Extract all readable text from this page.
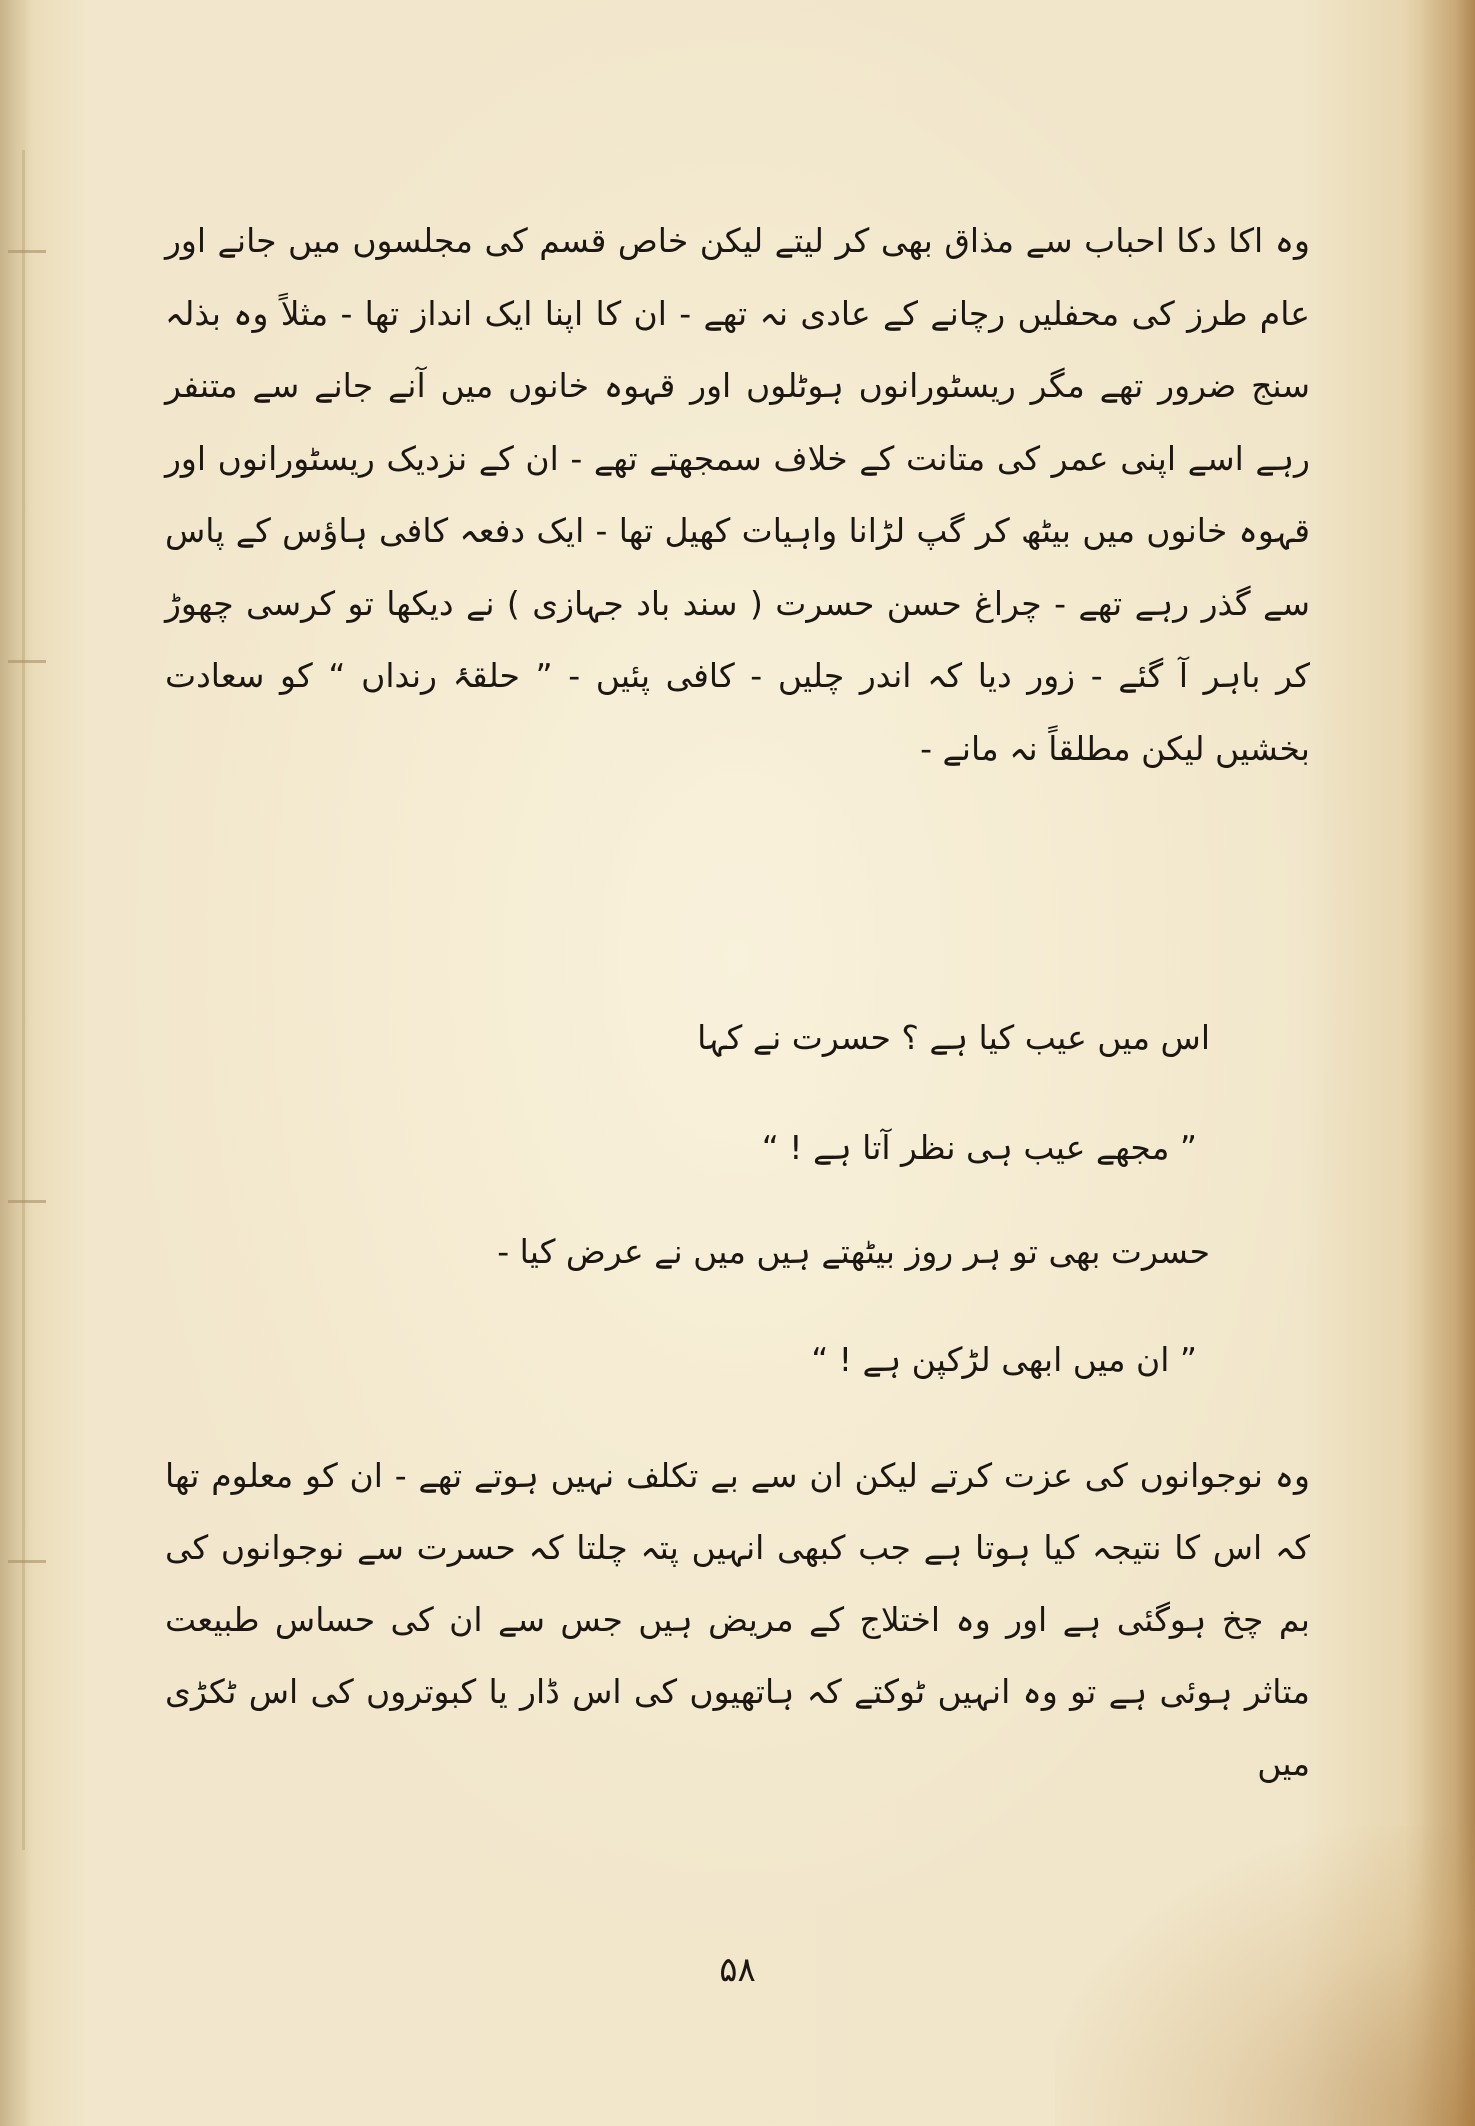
وہ اکا دکا احباب سے مذاق بھی کر لیتے لیکن خاص قسم کی مجلسوں میں جانے اور عام طرز کی محفلیں رچانے کے عادی نہ تھے - ان کا اپنا ایک انداز تھا - مثلاً وہ بذلہ سنج ضرور تھے مگر ریسٹورانوں ہوٹلوں اور قہوہ خانوں میں آنے جانے سے متنفر رہے اسے اپنی عمر کی متانت کے خلاف سمجھتے تھے - ان کے نزدیک ریسٹورانوں اور قہوہ خانوں میں بیٹھ کر گپ لڑانا واہیات کھیل تھا - ایک دفعہ کافی ہاؤس کے پاس سے گذر رہے تھے - چراغ حسن حسرت ( سند باد جہازی ) نے دیکھا تو کرسی چھوڑ کر باہر آ گئے - زور دیا کہ اندر چلیں - کافی پئیں - ” حلقۂ رنداں “ کو سعادت بخشیں لیکن مطلقاً نہ مانے -
اس میں عیب کیا ہے ؟ حسرت نے کہا
” مجھے عیب ہی نظر آتا ہے ! “
حسرت بھی تو ہر روز بیٹھتے ہیں میں نے عرض کیا -
” ان میں ابھی لڑکپن ہے ! “
وہ نوجوانوں کی عزت کرتے لیکن ان سے بے تکلف نہیں ہوتے تھے - ان کو معلوم تھا کہ اس کا نتیجہ کیا ہوتا ہے جب کبھی انہیں پتہ چلتا کہ حسرت سے نوجوانوں کی بم چخ ہوگئی ہے اور وہ اختلاج کے مریض ہیں جس سے ان کی حساس طبیعت متاثر ہوئی ہے تو وہ انہیں ٹوکتے کہ ہاتھیوں کی اس ڈار یا کبوتروں کی اس ٹکڑی میں
۵۸
